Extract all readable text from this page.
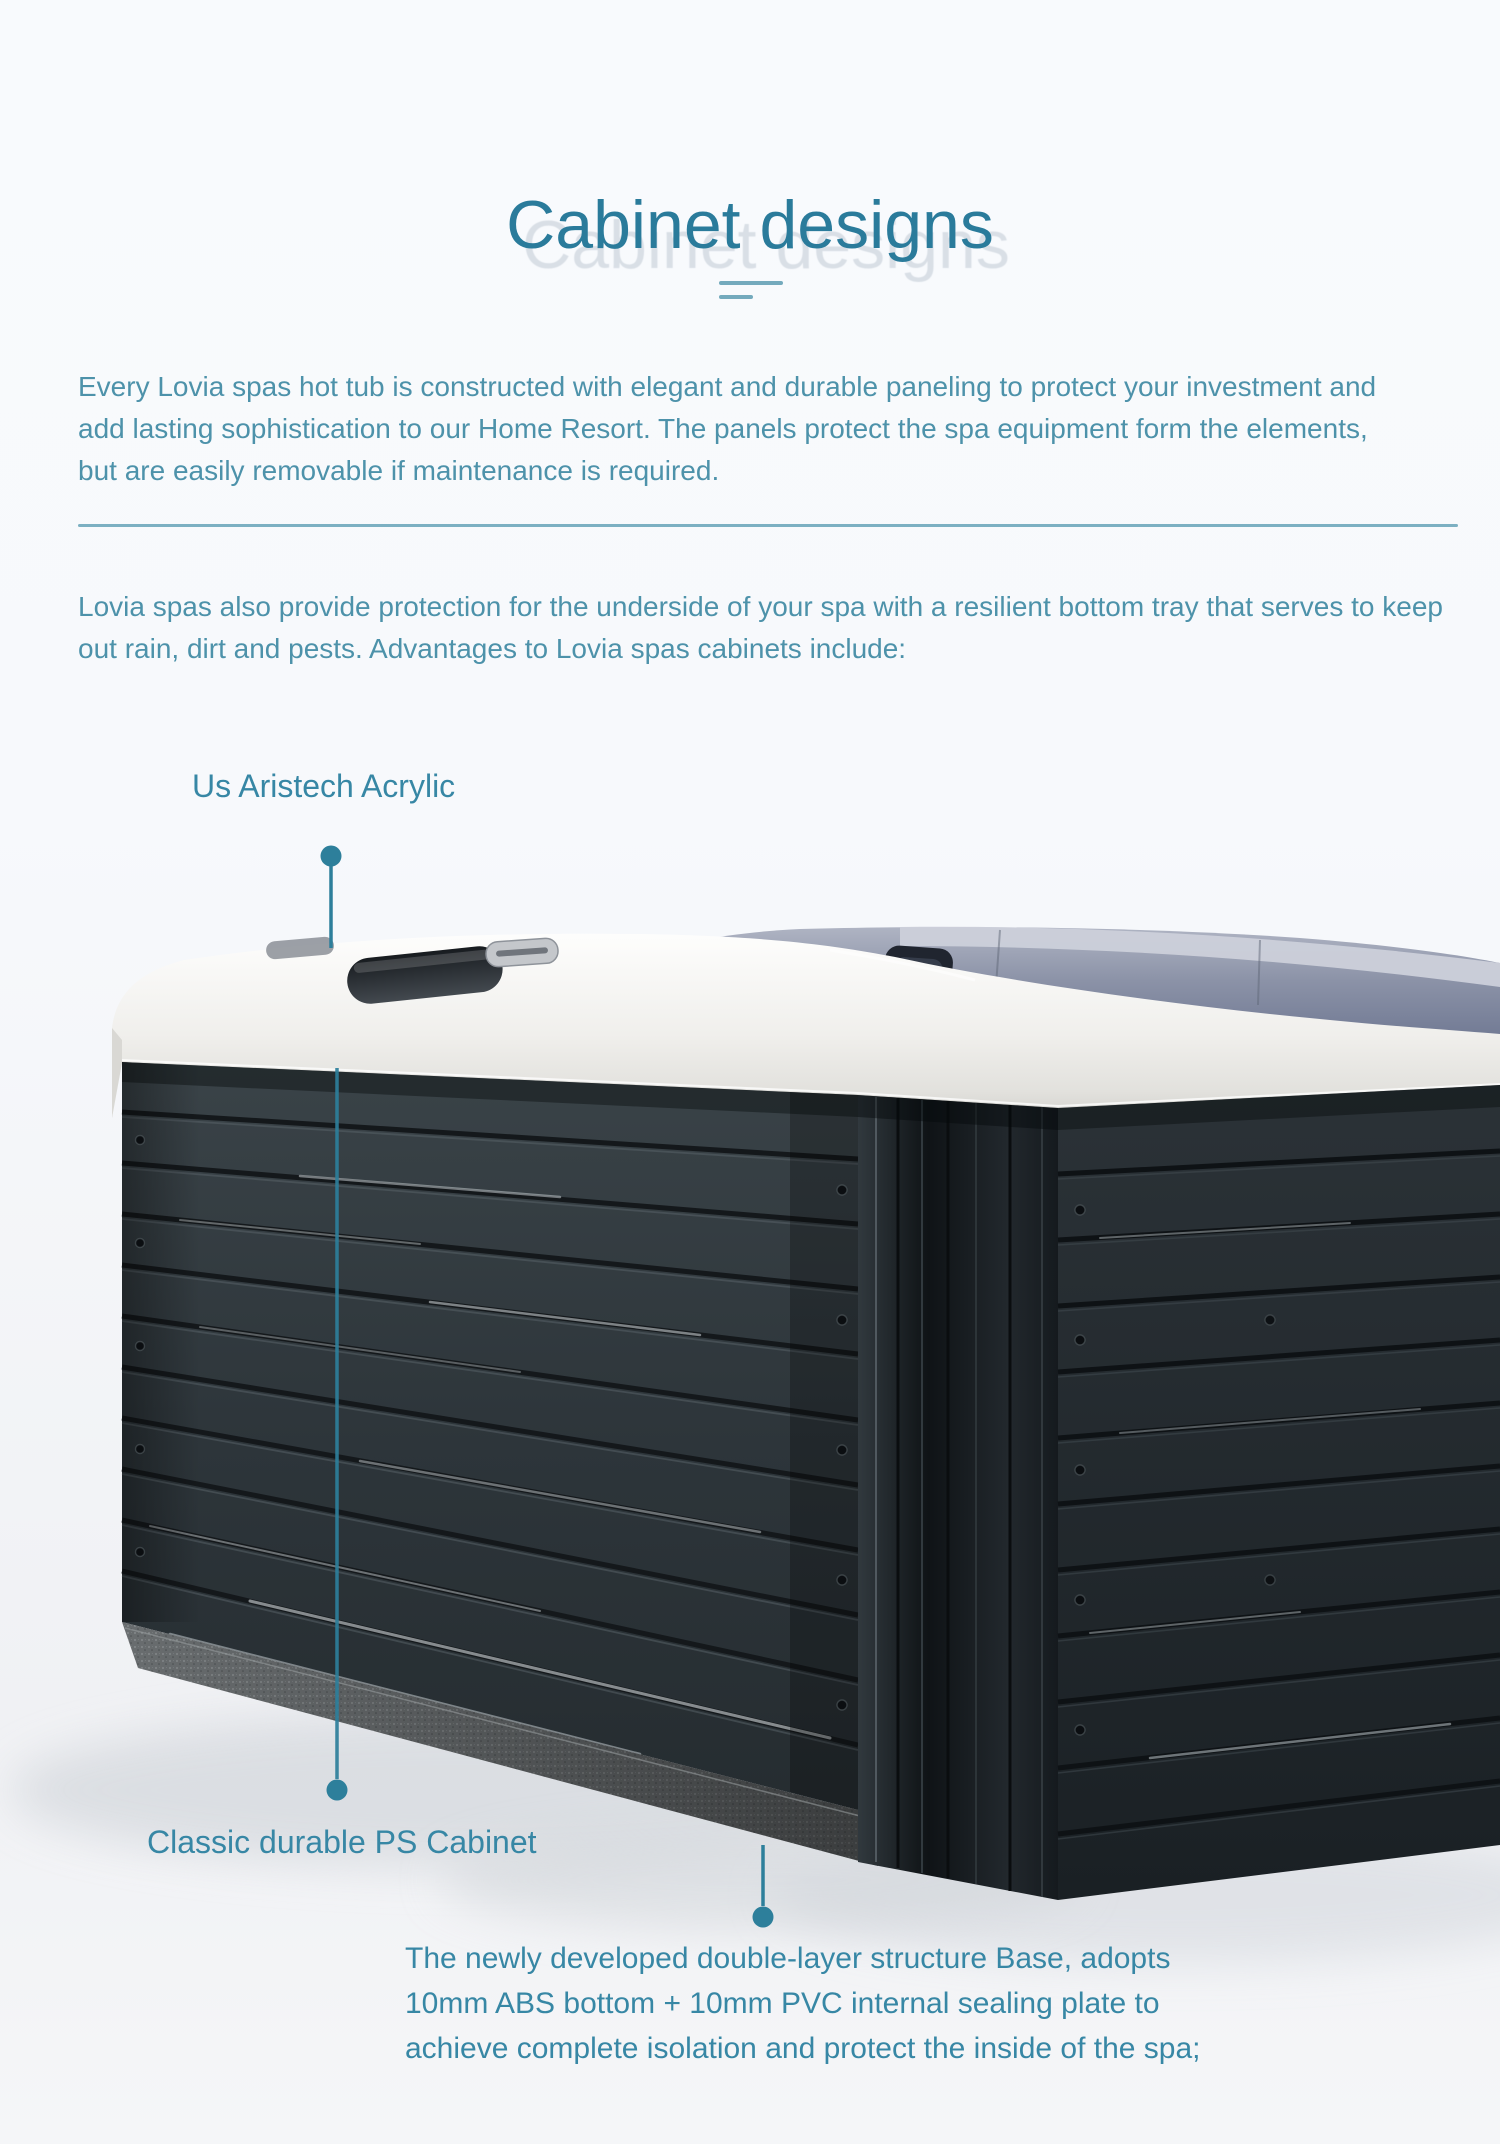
Cabinet designs
Every Lovia spas hot tub is constructed with elegant and durable paneling to protect your investment and
add lasting sophistication to our Home Resort. The panels protect the spa equipment form the elements,
but are easily removable if maintenance is required.
Lovia spas also provide protection for the underside of your spa with a resilient bottom tray that serves to keep
out rain, dirt and pests. Advantages to Lovia spas cabinets include:
Us Aristech Acrylic
Classic durable PS Cabinet
The newly developed double-layer structure Base, adopts
10mm ABS bottom + 10mm PVC internal sealing plate to
achieve complete isolation and protect the inside of the spa;
